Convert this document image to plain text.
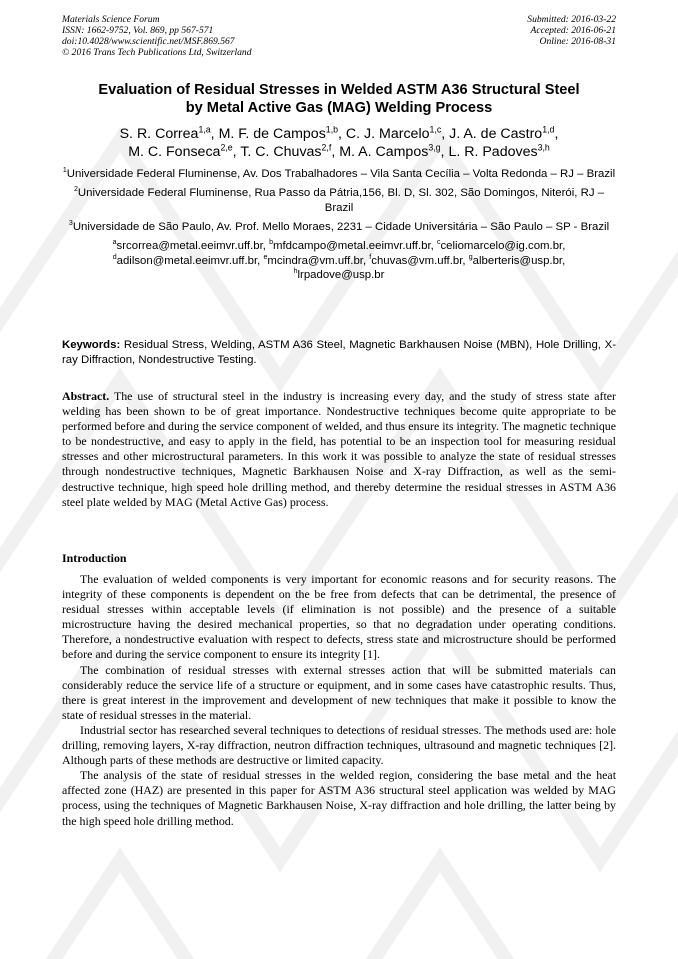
Materials Science Forum
ISSN: 1662-9752, Vol. 869, pp 567-571
doi:10.4028/www.scientific.net/MSF.869.567
© 2016 Trans Tech Publications Ltd, Switzerland
Submitted: 2016-03-22
Accepted: 2016-06-21
Online: 2016-08-31
Evaluation of Residual Stresses in Welded ASTM A36 Structural Steel
by Metal Active Gas (MAG) Welding Process
S. R. Correa$^{1,a}$, M. F. de Campos$^{1,b}$, C. J. Marcelo$^{1,c}$, J. A. de Castro$^{1,d}$,
M. C. Fonseca$^{2,e}$, T. C. Chuvas$^{2,f}$, M. A. Campos$^{3,g}$, L. R. Padoves$^{3,h}$
$^1$Universidade Federal Fluminense, Av. Dos Trabalhadores – Vila Santa Cecília – Volta Redonda – RJ – Brazil
$^2$Universidade Federal Fluminense, Rua Passo da Pátria,156, Bl. D, Sl. 302, São Domingos, Niterói, RJ – Brazil
$^3$Universidade de São Paulo, Av. Prof. Mello Moraes, 2231 – Cidade Universitária – São Paulo – SP - Brazil
$^a$srcorrea@metal.eeimvr.uff.br, $^b$mfdcampo@metal.eeimvr.uff.br, $^c$celiomarcelo@ig.com.br,
$^d$adilson@metal.eeimvr.uff.br, $^e$mcindra@vm.uff.br, $^f$chuvas@vm.uff.br, $^g$alberteris@usp.br,
$^h$lrpadove@usp.br
Keywords: Residual Stress, Welding, ASTM A36 Steel, Magnetic Barkhausen Noise (MBN), Hole Drilling, X-ray Diffraction, Nondestructive Testing.
Abstract. The use of structural steel in the industry is increasing every day, and the study of stress state after welding has been shown to be of great importance. Nondestructive techniques become quite appropriate to be performed before and during the service component of welded, and thus ensure its integrity. The magnetic technique to be nondestructive, and easy to apply in the field, has potential to be an inspection tool for measuring residual stresses and other microstructural parameters. In this work it was possible to analyze the state of residual stresses through nondestructive techniques, Magnetic Barkhausen Noise and X-ray Diffraction, as well as the semi-destructive technique, high speed hole drilling method, and thereby determine the residual stresses in ASTM A36 steel plate welded by MAG (Metal Active Gas) process.
Introduction

The evaluation of welded components is very important for economic reasons and for security reasons. The integrity of these components is dependent on the be free from defects that can be detrimental, the presence of residual stresses within acceptable levels (if elimination is not possible) and the presence of a suitable microstructure having the desired mechanical properties, so that no degradation under operating conditions. Therefore, a nondestructive evaluation with respect to defects, stress state and microstructure should be performed before and during the service component to ensure its integrity [1].

The combination of residual stresses with external stresses action that will be submitted materials can considerably reduce the service life of a structure or equipment, and in some cases have catastrophic results. Thus, there is great interest in the improvement and development of new techniques that make it possible to know the state of residual stresses in the material.

Industrial sector has researched several techniques to detections of residual stresses. The methods used are: hole drilling, removing layers, X-ray diffraction, neutron diffraction techniques, ultrasound and magnetic techniques [2]. Although parts of these methods are destructive or limited capacity.

The analysis of the state of residual stresses in the welded region, considering the base metal and the heat affected zone (HAZ) are presented in this paper for ASTM A36 structural steel application was welded by MAG process, using the techniques of Magnetic Barkhausen Noise, X-ray diffraction and hole drilling, the latter being by the high speed hole drilling method.
